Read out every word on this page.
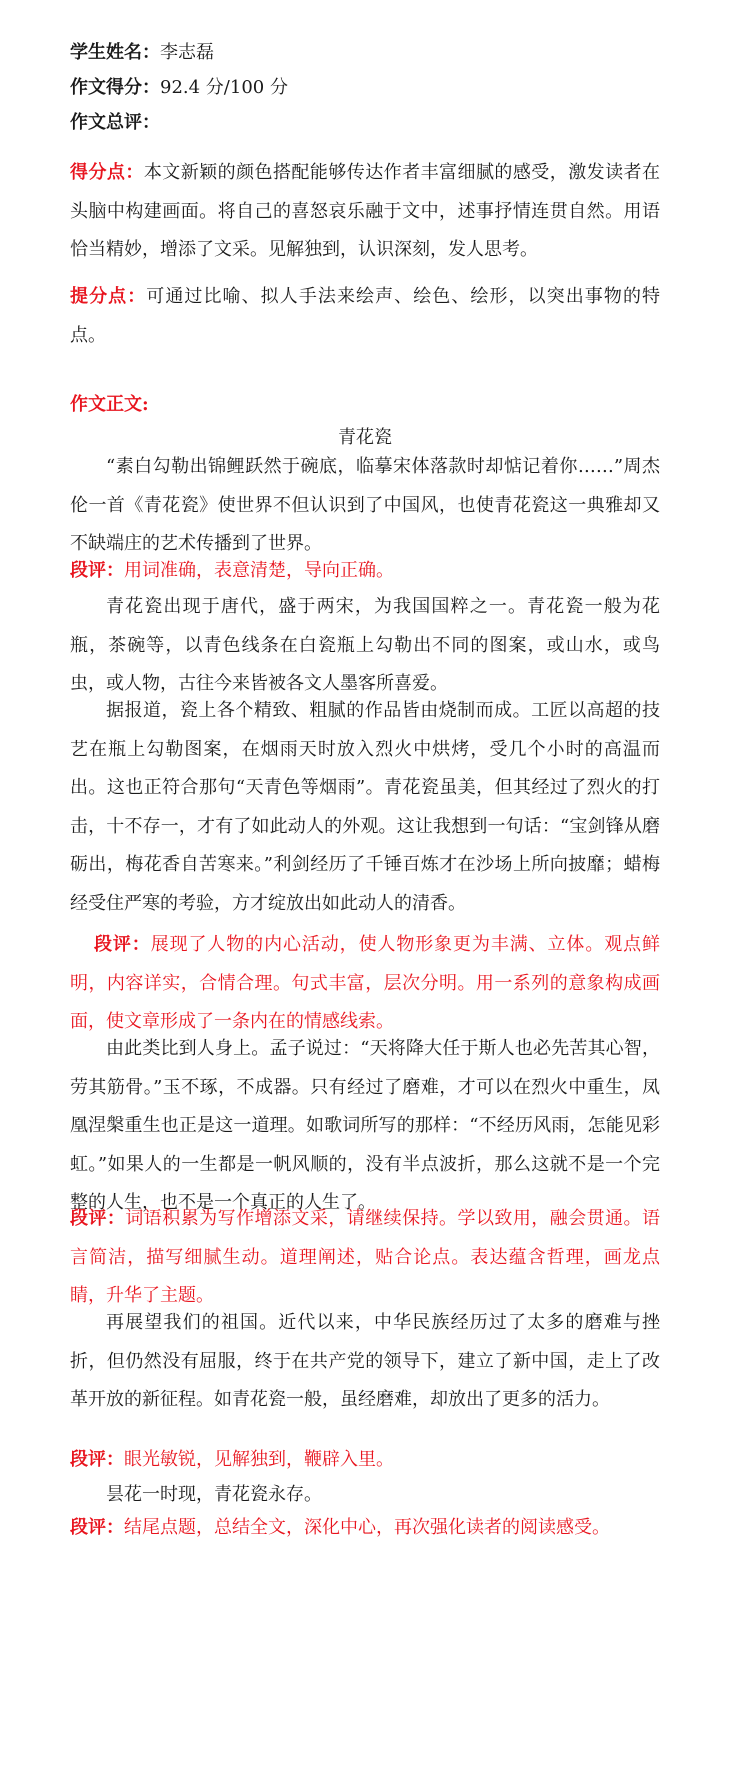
学生姓名：李志磊
作文得分：92.4 分/100 分
作文总评：
得分点：本文新颖的颜色搭配能够传达作者丰富细腻的感受，激发读者在头脑中构建画面。将自己的喜怒哀乐融于文中，述事抒情连贯自然。用语恰当精妙，增添了文采。见解独到，认识深刻，发人思考。
提分点：可通过比喻、拟人手法来绘声、绘色、绘形，以突出事物的特点。
作文正文:
青花瓷
“素白勾勒出锦鲤跃然于碗底，临摹宋体落款时却惦记着你……”周杰伦一首《青花瓷》使世界不但认识到了中国风，也使青花瓷这一典雅却又不缺端庄的艺术传播到了世界。
段评：用词准确，表意清楚，导向正确。
青花瓷出现于唐代，盛于两宋，为我国国粹之一。青花瓷一般为花瓶，茶碗等，以青色线条在白瓷瓶上勾勒出不同的图案，或山水，或鸟虫，或人物，古往今来皆被各文人墨客所喜爱。
据报道，瓷上各个精致、粗腻的作品皆由烧制而成。工匠以高超的技艺在瓶上勾勒图案，在烟雨天时放入烈火中烘烤，受几个小时的高温而出。这也正符合那句“天青色等烟雨”。青花瓷虽美，但其经过了烈火的打击，十不存一，才有了如此动人的外观。这让我想到一句话：“宝剑锋从磨砺出，梅花香自苦寒来。”利剑经历了千锤百炼才在沙场上所向披靡；蜡梅经受住严寒的考验，方才绽放出如此动人的清香。
段评：展现了人物的内心活动，使人物形象更为丰满、立体。观点鲜明，内容详实，合情合理。句式丰富，层次分明。用一系列的意象构成画面，使文章形成了一条内在的情感线索。
由此类比到人身上。孟子说过：“天将降大任于斯人也必先苦其心智，劳其筋骨。”玉不琢，不成器。只有经过了磨难，才可以在烈火中重生，凤凰涅槃重生也正是这一道理。如歌词所写的那样：“不经历风雨，怎能见彩虹。”如果人的一生都是一帆风顺的，没有半点波折，那么这就不是一个完整的人生，也不是一个真正的人生了。
段评：词语积累为写作增添文采，请继续保持。学以致用，融会贯通。语言简洁，描写细腻生动。道理阐述，贴合论点。表达蕴含哲理，画龙点睛，升华了主题。
再展望我们的祖国。近代以来，中华民族经历过了太多的磨难与挫折，但仍然没有屈服，终于在共产党的领导下，建立了新中国，走上了改革开放的新征程。如青花瓷一般，虽经磨难，却放出了更多的活力。
段评：眼光敏锐，见解独到，鞭辟入里。
昙花一时现，青花瓷永存。
段评：结尾点题，总结全文，深化中心，再次强化读者的阅读感受。
